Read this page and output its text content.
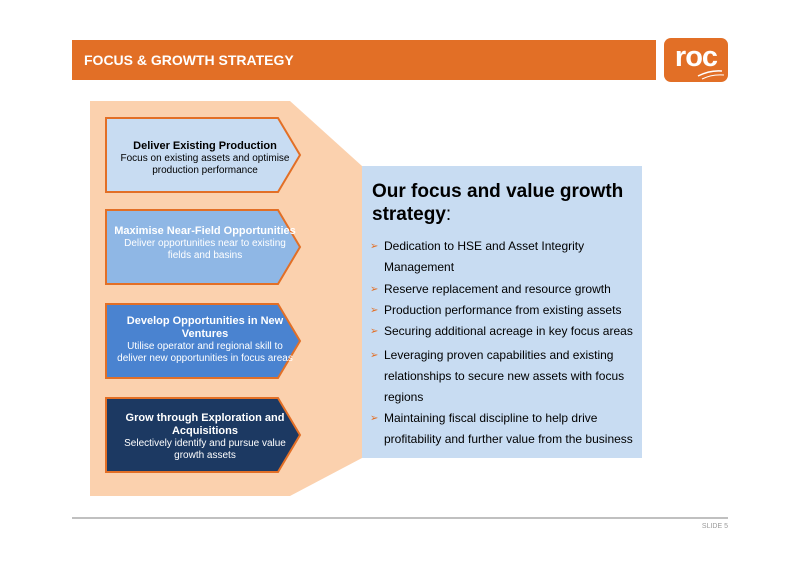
FOCUS & GROWTH STRATEGY	roc
Deliver Existing Production
Focus on existing assets and optimise production performance
Maximise Near-Field Opportunities
Deliver opportunities near to existing fields and basins
Develop Opportunities in New Ventures
Utilise operator and regional skill to deliver new opportunities in focus areas
Grow through Exploration and Acquisitions
Selectively identify and pursue value growth assets
Our focus and value growth strategy:
➢ Dedication to HSE and Asset Integrity Management
➢ Reserve replacement and resource growth
➢ Production performance from existing assets
➢ Securing additional acreage in key focus areas
➢ Leveraging proven capabilities and existing relationships to secure new assets with focus regions
➢ Maintaining fiscal discipline to help drive profitability and further value from the business
SLIDE 5
